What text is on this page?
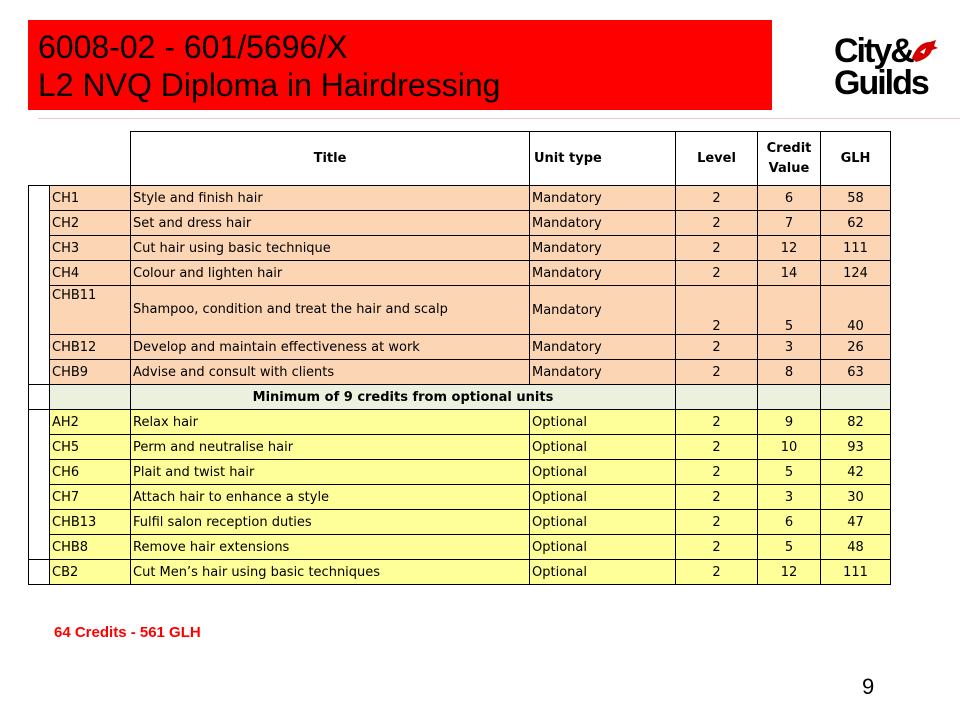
6008-02 - 601/5696/X
L2 NVQ Diploma in Hairdressing
City&
Guilds
		Title	Unit type	Level	Credit Value	GLH
	CH1	Style and finish hair	Mandatory	2	6	58
	CH2	Set and dress hair	Mandatory	2	7	62
	CH3	Cut hair using basic technique	Mandatory	2	12	111
	CH4	Colour and lighten hair	Mandatory	2	14	124
	CHB11	Shampoo, condition and treat the hair and scalp	Mandatory	2	5	40
	CHB12	Develop and maintain effectiveness at work	Mandatory	2	3	26
	CHB9	Advise and consult with clients	Mandatory	2	8	63
		Minimum of 9 credits from optional units				
	AH2	Relax hair	Optional	2	9	82
	CH5	Perm and neutralise hair	Optional	2	10	93
	CH6	Plait and twist hair	Optional	2	5	42
	CH7	Attach hair to enhance a style	Optional	2	3	30
	CHB13	Fulfil salon reception duties	Optional	2	6	47
	CHB8	Remove hair extensions	Optional	2	5	48
	CB2	Cut Men’s hair using basic techniques	Optional	2	12	111
64 Credits - 561 GLH
9
